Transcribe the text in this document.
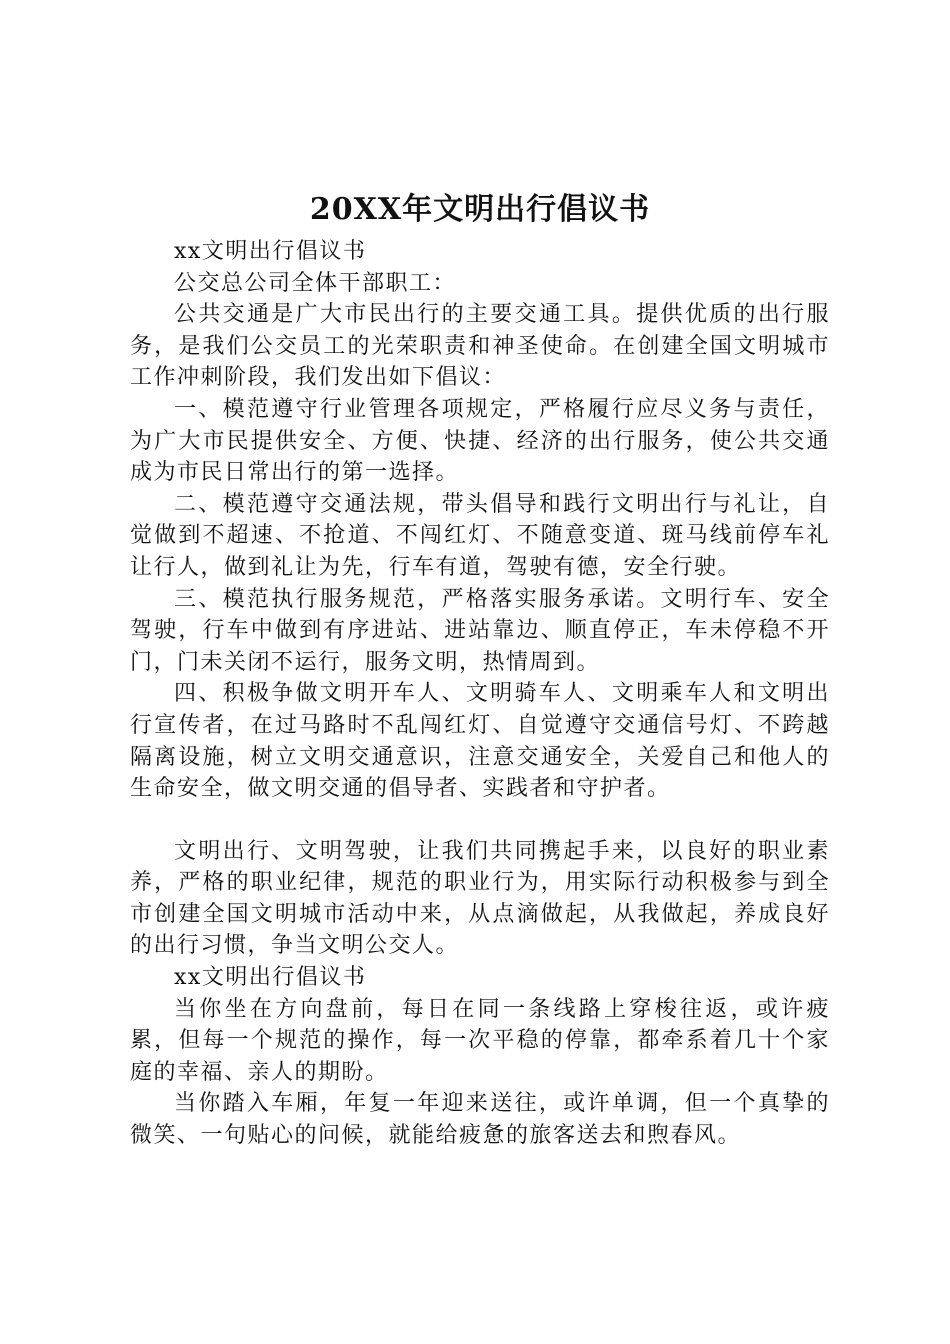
20XX年文明出行倡议书

xx文明出行倡议书

公交总公司全体干部职工：

公共交通是广大市民出行的主要交通工具。提供优质的出行服务，是我们公交员工的光荣职责和神圣使命。在创建全国文明城市工作冲刺阶段，我们发出如下倡议：

一、模范遵守行业管理各项规定，严格履行应尽义务与责任，为广大市民提供安全、方便、快捷、经济的出行服务，使公共交通成为市民日常出行的第一选择。

二、模范遵守交通法规，带头倡导和践行文明出行与礼让，自觉做到不超速、不抢道、不闯红灯、不随意变道、斑马线前停车礼让行人，做到礼让为先，行车有道，驾驶有德，安全行驶。

三、模范执行服务规范，严格落实服务承诺。文明行车、安全驾驶，行车中做到有序进站、进站靠边、顺直停正，车未停稳不开门，门未关闭不运行，服务文明，热情周到。

四、积极争做文明开车人、文明骑车人、文明乘车人和文明出行宣传者，在过马路时不乱闯红灯、自觉遵守交通信号灯、不跨越隔离设施，树立文明交通意识，注意交通安全，关爱自己和他人的生命安全，做文明交通的倡导者、实践者和守护者。

文明出行、文明驾驶，让我们共同携起手来，以良好的职业素养，严格的职业纪律，规范的职业行为，用实际行动积极参与到全市创建全国文明城市活动中来，从点滴做起，从我做起，养成良好的出行习惯，争当文明公交人。

xx文明出行倡议书

当你坐在方向盘前，每日在同一条线路上穿梭往返，或许疲累，但每一个规范的操作，每一次平稳的停靠，都牵系着几十个家庭的幸福、亲人的期盼。

当你踏入车厢，年复一年迎来送往，或许单调，但一个真挚的微笑、一句贴心的问候，就能给疲惫的旅客送去和煦春风。
